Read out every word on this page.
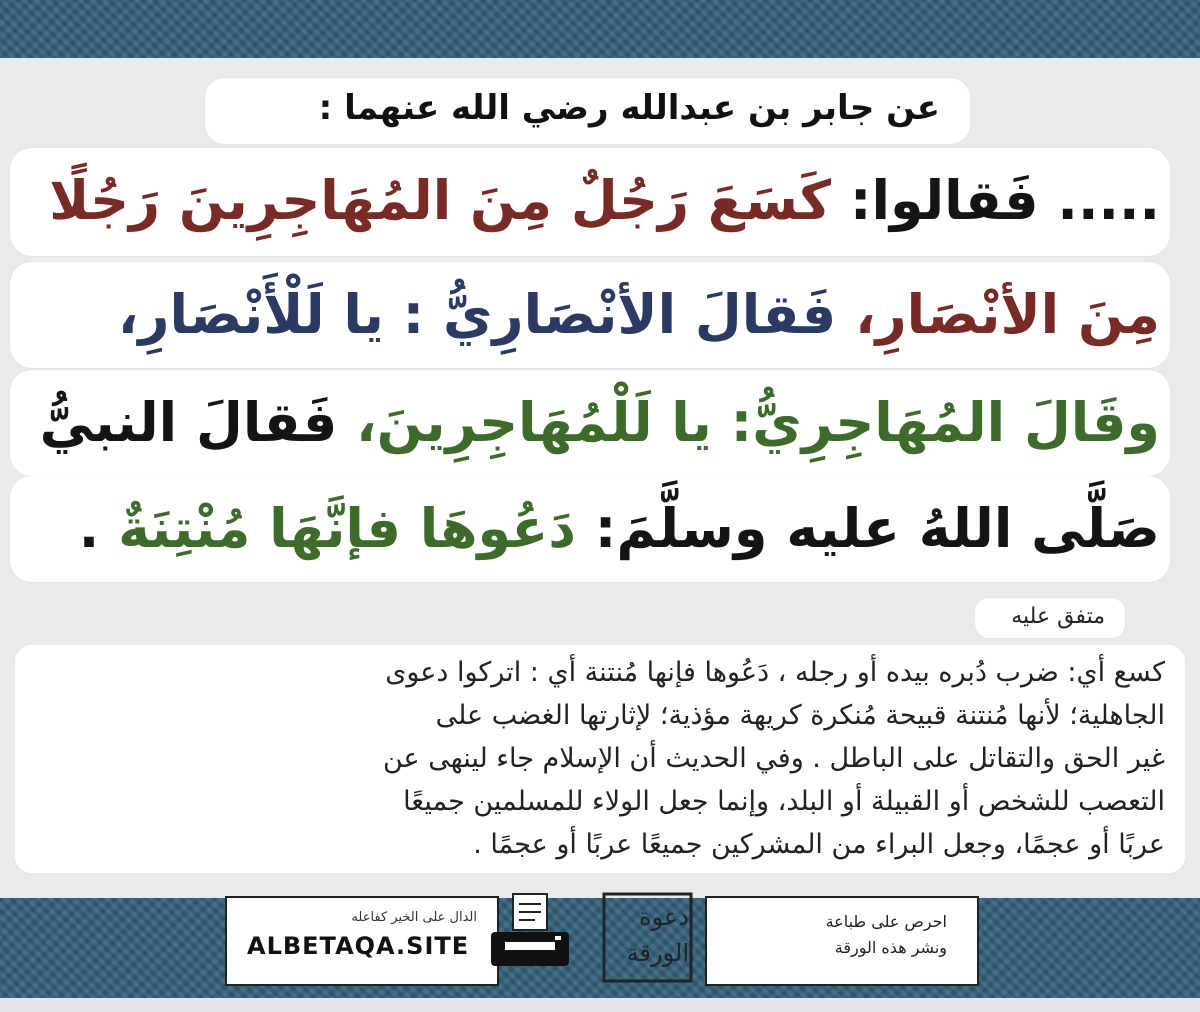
عن جابر بن عبدالله رضي الله عنهما :
..... فَقالوا: كَسَعَ رَجُلٌ مِنَ المُهَاجِرِينَ رَجُلًا
مِنَ الأنْصَارِ، فَقالَ الأنْصَارِيُّ : يا لَلْأَنْصَارِ،
وقَالَ المُهَاجِرِيُّ: يا لَلْمُهَاجِرِينَ، فَقالَ النبيُّ
صَلَّى اللهُ عليه وسلَّمَ: دَعُوهَا فإنَّهَا مُنْتِنَةٌ .
متفق عليه

كسع أي: ضرب دُبره بيده أو رجله ، دَعُوها فإنها مُنتنة أي : اتركوا دعوى

الجاهلية؛ لأنها مُنتنة قبيحة مُنكرة كريهة مؤذية؛ لإثارتها الغضب على

غير الحق والتقاتل على الباطل . وفي الحديث أن الإسلام جاء لينهى عن

التعصب للشخص أو القبيلة أو البلد، وإنما جعل الولاء للمسلمين جميعًا

عربًا أو عجمًا، وجعل البراء من المشركين جميعًا عربًا أو عجمًا .

الدال على الخير كفاعله
ALBETAQA.SITE
دعوة
الورقة
احرص على طباعة
ونشر هذه الورقة
